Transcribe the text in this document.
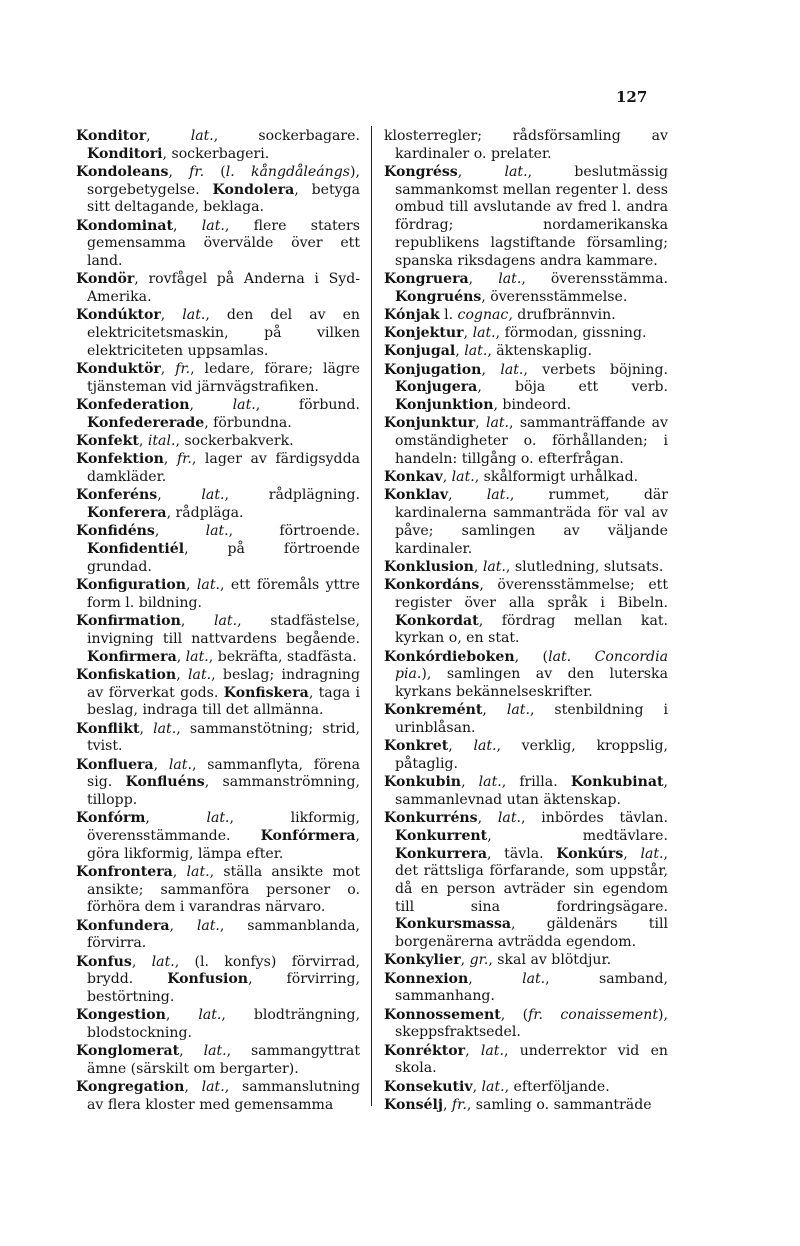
127

Konditor, lat., sockerbagare. Konditori, sockerbageri.

Kondoleans, fr. (l. kångdåleángs), sorgebetygelse. Kondolera, betyga sitt deltagande, beklaga.

Kondominat, lat., flere staters gemensamma övervälde över ett land.

Kondör, rovfågel på Anderna i Syd-Amerika.

Kondúktor, lat., den del av en elektricitetsmaskin, på vilken elektriciteten uppsamlas.

Konduktör, fr., ledare, förare; lägre tjänsteman vid järnvägstrafiken.

Konfederation, lat., förbund. Konfedererade, förbundna.

Konfekt, ital., sockerbakverk.

Konfektion, fr., lager av färdigsydda damkläder.

Konferéns, lat., rådplägning. Konferera, rådpläga.

Konfidéns, lat., förtroende. Konfidentiél, på förtroende grundad.

Konfiguration, lat., ett föremåls yttre form l. bildning.

Konfirmation, lat., stadfästelse, invigning till nattvardens begående. Konfirmera, lat., bekräfta, stadfästa.

Konfiskation, lat., beslag; indragning av förverkat gods. Konfiskera, taga i beslag, indraga till det allmänna.

Konflikt, lat., sammanstötning; strid, tvist.

Konfluera, lat., sammanflyta, förena sig. Konfluéns, sammanströmning, tillopp.

Konfórm, lat., likformig, överensstämmande. Konfórmera, göra likformig, lämpa efter.

Konfrontera, lat., ställa ansikte mot ansikte; sammanföra personer o. förhöra dem i varandras närvaro.

Konfundera, lat., sammanblanda, förvirra.

Konfus, lat., (l. konfys) förvirrad, brydd. Konfusion, förvirring, bestörtning.

Kongestion, lat., blodträngning, blodstockning.

Konglomerat, lat., sammangyttrat ämne (särskilt om bergarter).

Kongregation, lat., sammanslutning av flera kloster med gemensamma

klosterregler; rådsförsamling av kardinaler o. prelater.

Kongréss, lat., beslutmässig sammankomst mellan regenter l. dess ombud till avslutande av fred l. andra fördrag; nordamerikanska republikens lagstiftande församling; spanska riksdagens andra kammare.

Kongruera, lat., överensstämma. Kongruéns, överensstämmelse.

Kónjak l. cognac, drufbrännvin.

Konjektur, lat., förmodan, gissning.

Konjugal, lat., äktenskaplig.

Konjugation, lat., verbets böjning. Konjugera, böja ett verb. Konjunktion, bindeord.

Konjunktur, lat., sammanträffande av omständigheter o. förhållanden; i handeln: tillgång o. efterfrågan.

Konkav, lat., skålformigt urhålkad.

Konklav, lat., rummet, där kardinalerna sammanträda för val av påve; samlingen av väljande kardinaler.

Konklusion, lat., slutledning, slutsats.

Konkordáns, överensstämmelse; ett register över alla språk i Bibeln. Konkordat, fördrag mellan kat. kyrkan o, en stat.

Konkórdieboken, (lat. Concordia pia.), samlingen av den luterska kyrkans bekännelseskrifter.

Konkremént, lat., stenbildning i urinblåsan.

Konkret, lat., verklig, kroppslig, påtaglig.

Konkubin, lat., frilla. Konkubinat, sammanlevnad utan äktenskap.

Konkurréns, lat., inbördes tävlan. Konkurrent, medtävlare. Konkurrera, tävla. Konkúrs, lat., det rättsliga förfarande, som uppstår, då en person avträder sin egendom till sina fordringsägare. Konkursmassa, gäldenärs till borgenärerna avträdda egendom.

Konkylier, gr., skal av blötdjur.

Konnexion, lat., samband, sammanhang.

Konnossement, (fr. conaissement), skeppsfraktsedel.

Konréktor, lat., underrektor vid en skola.

Konsekutiv, lat., efterföljande.

Konsélj, fr., samling o. sammanträde
